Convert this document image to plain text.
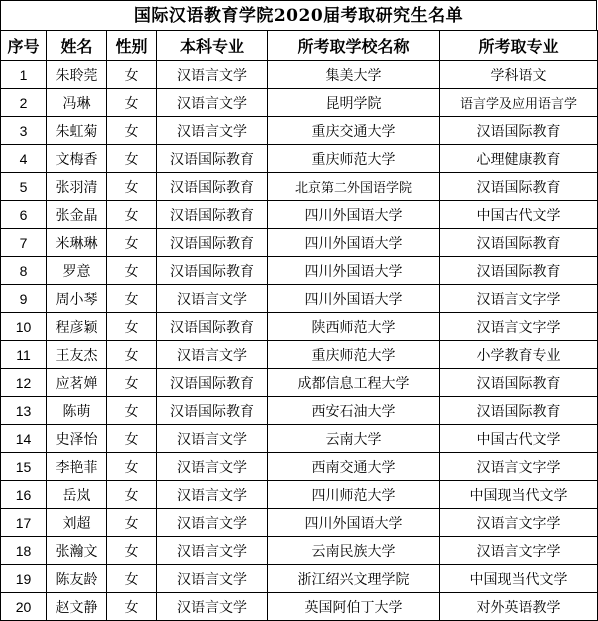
国际汉语教育学院2020届考取研究生名单
序号	姓名	性别	本科专业	所考取学校名称	所考取专业
1	朱聆莞	女	汉语言文学	集美大学	学科语文
2	冯琳	女	汉语言文学	昆明学院	语言学及应用语言学
3	朱虹菊	女	汉语言文学	重庆交通大学	汉语国际教育
4	文梅香	女	汉语国际教育	重庆师范大学	心理健康教育
5	张羽清	女	汉语国际教育	北京第二外国语学院	汉语国际教育
6	张金晶	女	汉语国际教育	四川外国语大学	中国古代文学
7	米琳琳	女	汉语国际教育	四川外国语大学	汉语国际教育
8	罗意	女	汉语国际教育	四川外国语大学	汉语国际教育
9	周小琴	女	汉语言文学	四川外国语大学	汉语言文字学
10	程彦颖	女	汉语国际教育	陕西师范大学	汉语言文字学
11	王友杰	女	汉语言文学	重庆师范大学	小学教育专业
12	应茗婵	女	汉语国际教育	成都信息工程大学	汉语国际教育
13	陈萌	女	汉语国际教育	西安石油大学	汉语国际教育
14	史泽怡	女	汉语言文学	云南大学	中国古代文学
15	李艳菲	女	汉语言文学	西南交通大学	汉语言文字学
16	岳岚	女	汉语言文学	四川师范大学	中国现当代文学
17	刘超	女	汉语言文学	四川外国语大学	汉语言文字学
18	张瀚文	女	汉语言文学	云南民族大学	汉语言文字学
19	陈友龄	女	汉语言文学	浙江绍兴文理学院	中国现当代文学
20	赵文静	女	汉语言文学	英国阿伯丁大学	对外英语教学
